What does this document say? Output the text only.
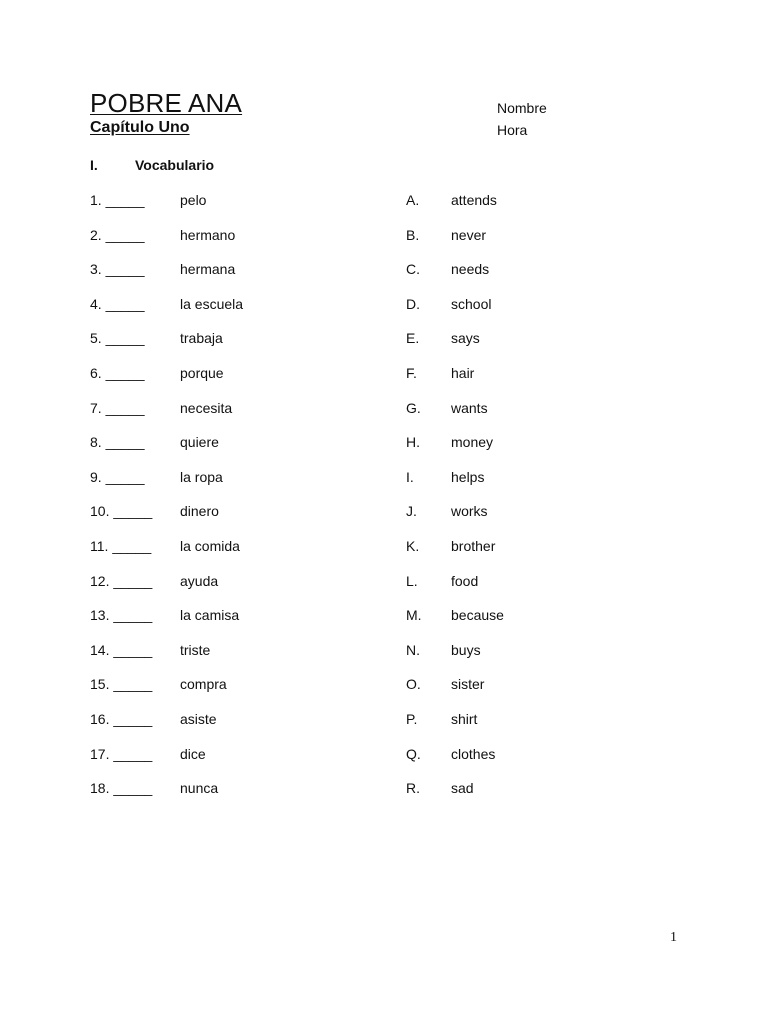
POBRE ANA
Capítulo Uno
Nombre
Hora
I.	Vocabulario
1. _____	pelo	A. attends
2. _____	hermano	B. never
3. _____	hermana	C. needs
4. _____	la escuela	D. school
5. _____	trabaja	E. says
6. _____	porque	F. hair
7. _____	necesita	G. wants
8. _____	quiere	H. money
9. _____	la ropa	I.	helps
10. _____ dinero	J. works
11. _____ la comida	K. brother
12. _____ ayuda	L. food
13. _____ la camisa	M. because
14. _____ triste	N. buys
15. _____ compra	O. sister
16. _____ asiste	P. shirt
17. _____ dice	Q. clothes
18. _____ nunca	R. sad
1
